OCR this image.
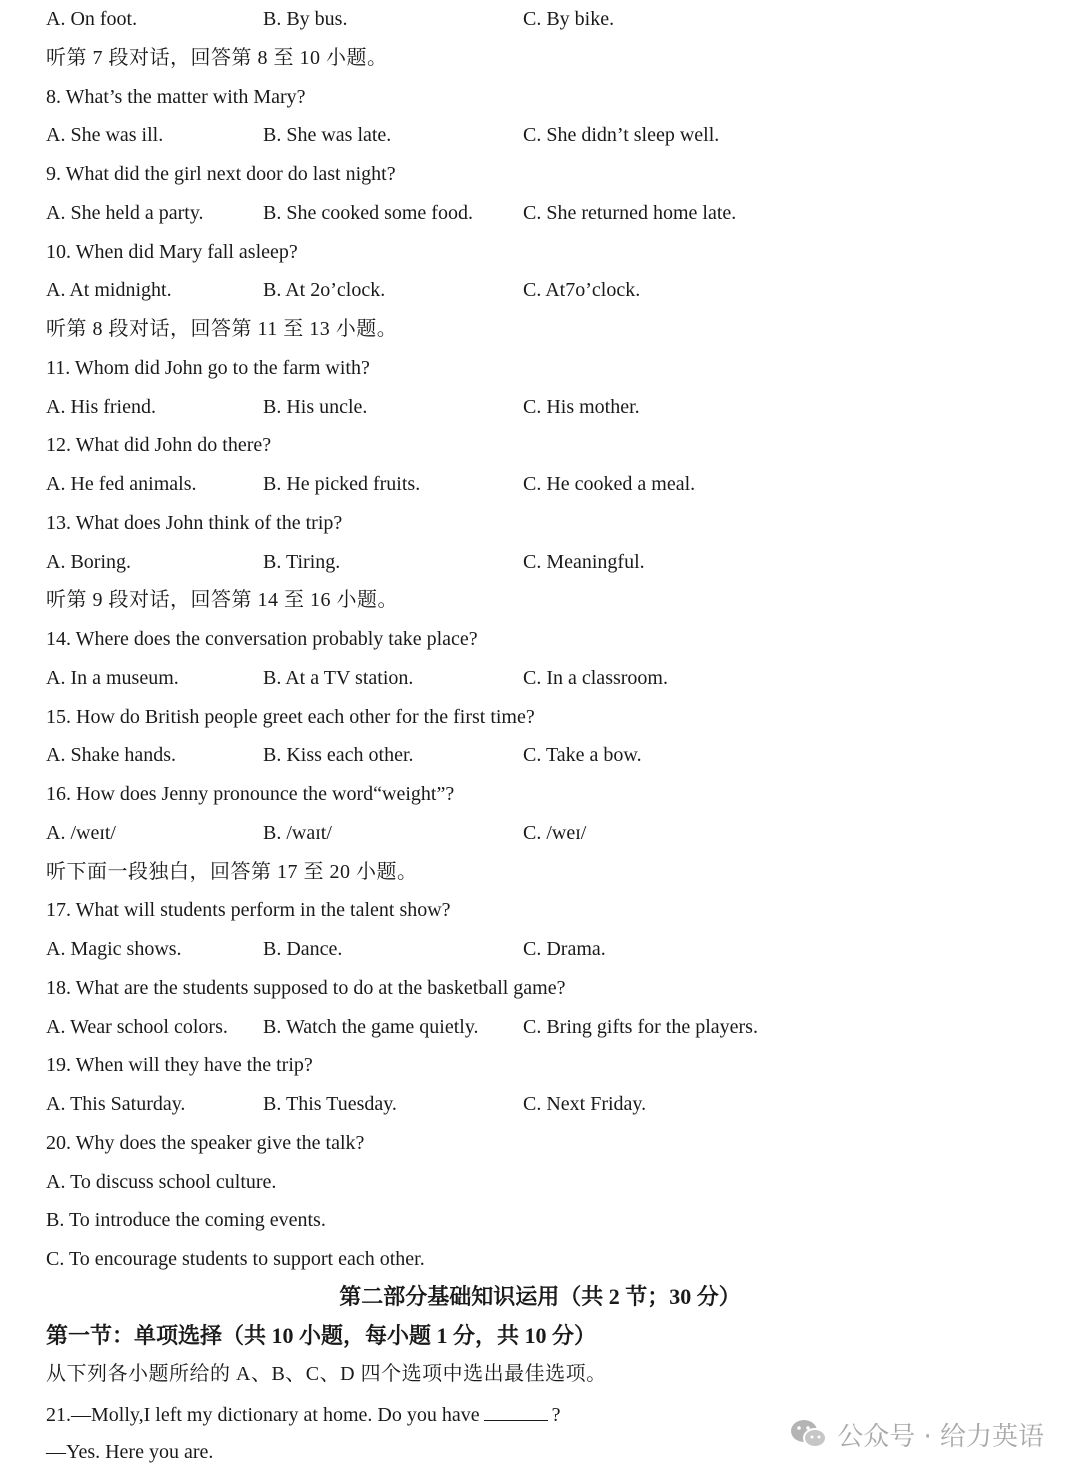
A. On foot.	B. By bus.	C. By bike.
听第 7 段对话，回答第 8 至 10 小题。
8. What’s the matter with Mary?
A. She was ill.	B. She was late.	C. She didn’t sleep well.
9. What did the girl next door do last night?
A. She held a party.	B. She cooked some food.	C. She returned home late.
10. When did Mary fall asleep?
A. At midnight.	B. At 2o’clock.	C. At7o’clock.
听第 8 段对话，回答第 11 至 13 小题。
11. Whom did John go to the farm with?
A. His friend.	B. His uncle.	C. His mother.
12. What did John do there?
A. He fed animals.	B. He picked fruits.	C. He cooked a meal.
13. What does John think of the trip?
A. Boring.	B. Tiring.	C. Meaningful.
听第 9 段对话，回答第 14 至 16 小题。
14. Where does the conversation probably take place?
A. In a museum.	B. At a TV station.	C. In a classroom.
15. How do British people greet each other for the first time?
A. Shake hands.	B. Kiss each other.	C. Take a bow.
16. How does Jenny pronounce the word“weight”?
A. /weɪt/	B. /waɪt/	C. /weɪ/
听下面一段独白，回答第 17 至 20 小题。
17. What will students perform in the talent show?
A. Magic shows.	B. Dance.	C. Drama.
18. What are the students supposed to do at the basketball game?
A. Wear school colors. B. Watch the game quietly. C. Bring gifts for the players.
19. When will they have the trip?
A. This Saturday.	B. This Tuesday.	C. Next Friday.
20. Why does the speaker give the talk?
A. To discuss school culture.
B. To introduce the coming events.
C. To encourage students to support each other.
第二部分基础知识运用（共 2 节；30 分）
第一节：单项选择（共 10 小题，每小题 1 分，共 10 分）
从下列各小题所给的 A、B、C、D 四个选项中选出最佳选项。
21.—Molly,I left my dictionary at home. Do you have	?
—Yes. Here you are.
公众号 · 给力英语
